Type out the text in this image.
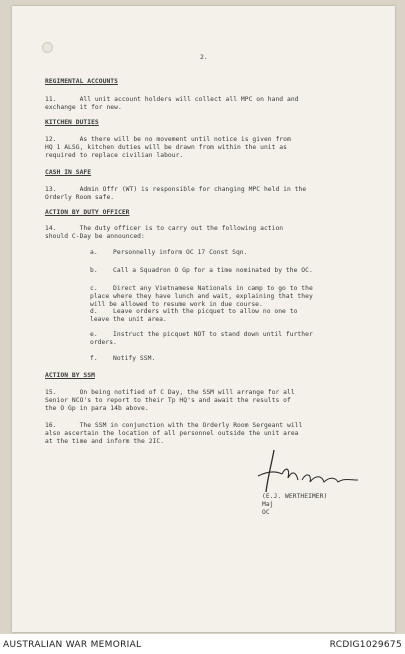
2.
REGIMENTAL ACCOUNTS
11.      All unit account holders will collect all MPC on hand and
exchange it for new.
KITCHEN DUTIES
12.      As there will be no movement until notice is given from
HQ 1 ALSG, kitchen duties will be drawn from within the unit as
required to replace civilian labour.
CASH IN SAFE
13.      Admin Offr (WT) is responsible for changing MPC held in the
Orderly Room safe.
ACTION BY DUTY OFFICER
14.      The duty officer is to carry out the following action
should C-Day be announced:
a.    Personnelly inform OC 17 Const Sqn.
b.    Call a Squadron O Gp for a time nominated by the OC.
c.    Direct any Vietnamese Nationals in camp to go to the
place where they have lunch and wait, explaining that they
will be allowed to resume work in due course.
d.    Leave orders with the picquet to allow no one to
leave the unit area.
e.    Instruct the picquet NOT to stand down until further
orders.
f.    Notify SSM.
ACTION BY SSM
15.      On being notified of C Day, the SSM will arrange for all
Senior NCO's to report to their Tp HQ's and await the results of
the O Gp in para 14b above.
16.      The SSM in conjunction with the Orderly Room Sergeant will
also ascertain the location of all personnel outside the unit area
at the time and inform the 2IC.
(E.J. WERTHEIMER)
Maj
OC
AUSTRALIAN WAR MEMORIAL	RCDIG1029675
